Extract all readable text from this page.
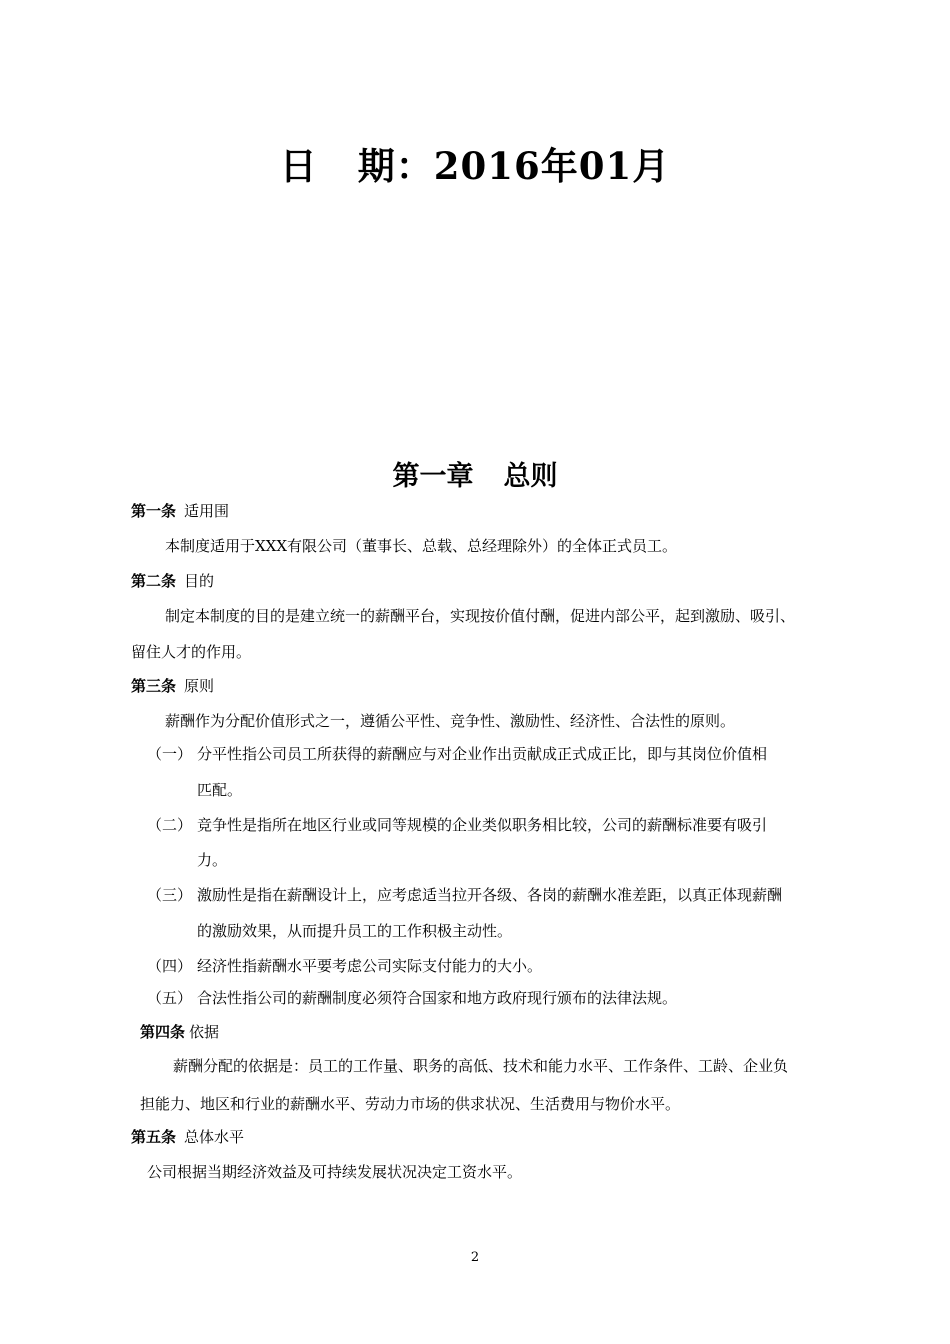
日 期：2016年01月
第一章 总则
第一条 适用围
本制度适用于XXX有限公司（董事长、总载、总经理除外）的全体正式员工。
第二条 目的
制定本制度的目的是建立统一的薪酬平台，实现按价值付酬，促进内部公平，起到激励、吸引、
留住人才的作用。
第三条 原则
薪酬作为分配价值形式之一，遵循公平性、竞争性、激励性、经济性、合法性的原则。
（一） 分平性指公司员工所获得的薪酬应与对企业作出贡献成正式成正比，即与其岗位价值相
匹配。
（二） 竞争性是指所在地区行业或同等规模的企业类似职务相比较，公司的薪酬标准要有吸引
力。
（三） 激励性是指在薪酬设计上，应考虑适当拉开各级、各岗的薪酬水准差距，以真正体现薪酬
的激励效果，从而提升员工的工作积极主动性。
（四） 经济性指薪酬水平要考虑公司实际支付能力的大小。
（五） 合法性指公司的薪酬制度必须符合国家和地方政府现行颁布的法律法规。
第四条 依据
薪酬分配的依据是：员工的工作量、职务的高低、技术和能力水平、工作条件、工龄、企业负
担能力、地区和行业的薪酬水平、劳动力市场的供求状况、生活费用与物价水平。
第五条 总体水平
公司根据当期经济效益及可持续发展状况决定工资水平。
2
